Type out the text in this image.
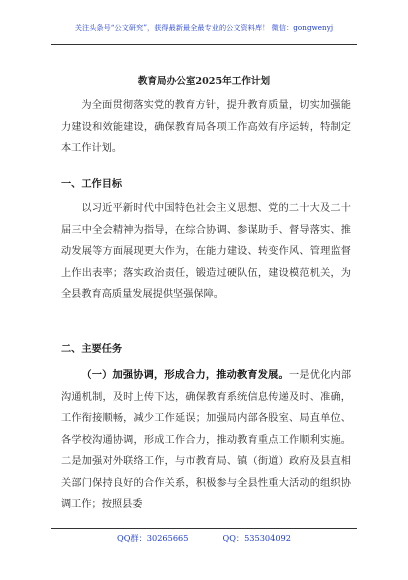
关注头条号“公文研究”，获得最新最全最专业的公文资料库！ 微信：gongwenyj
教育局办公室2025年工作计划

为全面贯彻落实党的教育方针，提升教育质量，切实加强能力建设和效能建设，确保教育局各项工作高效有序运转，特制定本工作计划。

一、工作目标

以习近平新时代中国特色社会主义思想、党的二十大及二十届三中全会精神为指导，在综合协调、参谋助手、督导落实、推动发展等方面展现更大作为，在能力建设、转变作风、管理监督上作出表率；落实政治责任，锻造过硬队伍，建设模范机关，为全县教育高质量发展提供坚强保障。

二、主要任务

（一）加强协调，形成合力，推动教育发展。一是优化内部沟通机制，及时上传下达，确保教育系统信息传递及时、准确，工作衔接顺畅，减少工作延误；加强局内部各股室、局直单位、各学校沟通协调，形成工作合力，推动教育重点工作顺利实施。二是加强对外联络工作，与市教育局、镇（街道）政府及县直相关部门保持良好的合作关系，积极参与全县性重大活动的组织协调工作；按照县委

QQ群：30265665	QQ：535304092
